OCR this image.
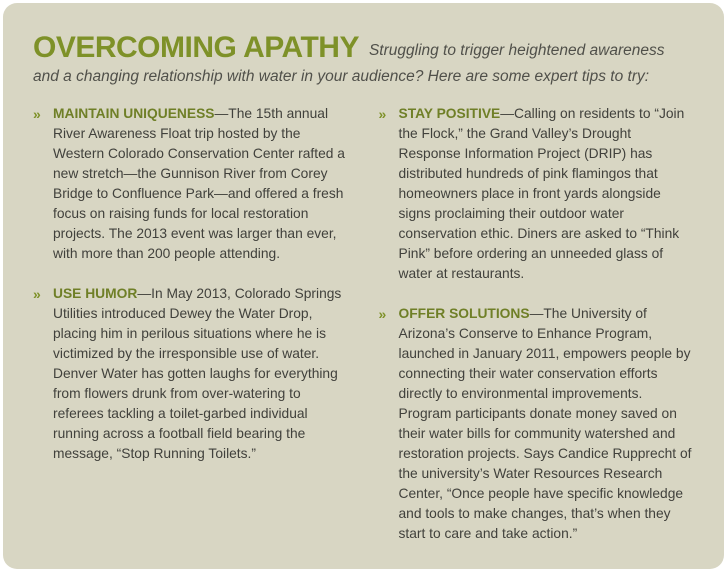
OVERCOMING APATHY Struggling to trigger heightened awareness and a changing relationship with water in your audience? Here are some expert tips to try:

» MAINTAIN UNIQUENESS—The 15th annual River Awareness Float trip hosted by the Western Colorado Conservation Center rafted a new stretch—the Gunnison River from Corey Bridge to Confluence Park—and offered a fresh focus on raising funds for local restoration projects. The 2013 event was larger than ever, with more than 200 people attending.

» USE HUMOR—In May 2013, Colorado Springs Utilities introduced Dewey the Water Drop, placing him in perilous situations where he is victimized by the irresponsible use of water. Denver Water has gotten laughs for everything from flowers drunk from over-watering to referees tackling a toilet-garbed individual running across a football field bearing the message, “Stop Running Toilets.”

» STAY POSITIVE—Calling on residents to “Join the Flock,” the Grand Valley’s Drought Response Information Project (DRIP) has distributed hundreds of pink flamingos that homeowners place in front yards alongside signs proclaiming their outdoor water conservation ethic. Diners are asked to “Think Pink” before ordering an unneeded glass of water at restaurants.

» OFFER SOLUTIONS—The University of Arizona’s Conserve to Enhance Program, launched in January 2011, empowers people by connecting their water conservation efforts directly to environmental improvements. Program participants donate money saved on their water bills for community watershed and restoration projects. Says Candice Rupprecht of the university’s Water Resources Research Center, “Once people have specific knowledge and tools to make changes, that’s when they start to care and take action.”
